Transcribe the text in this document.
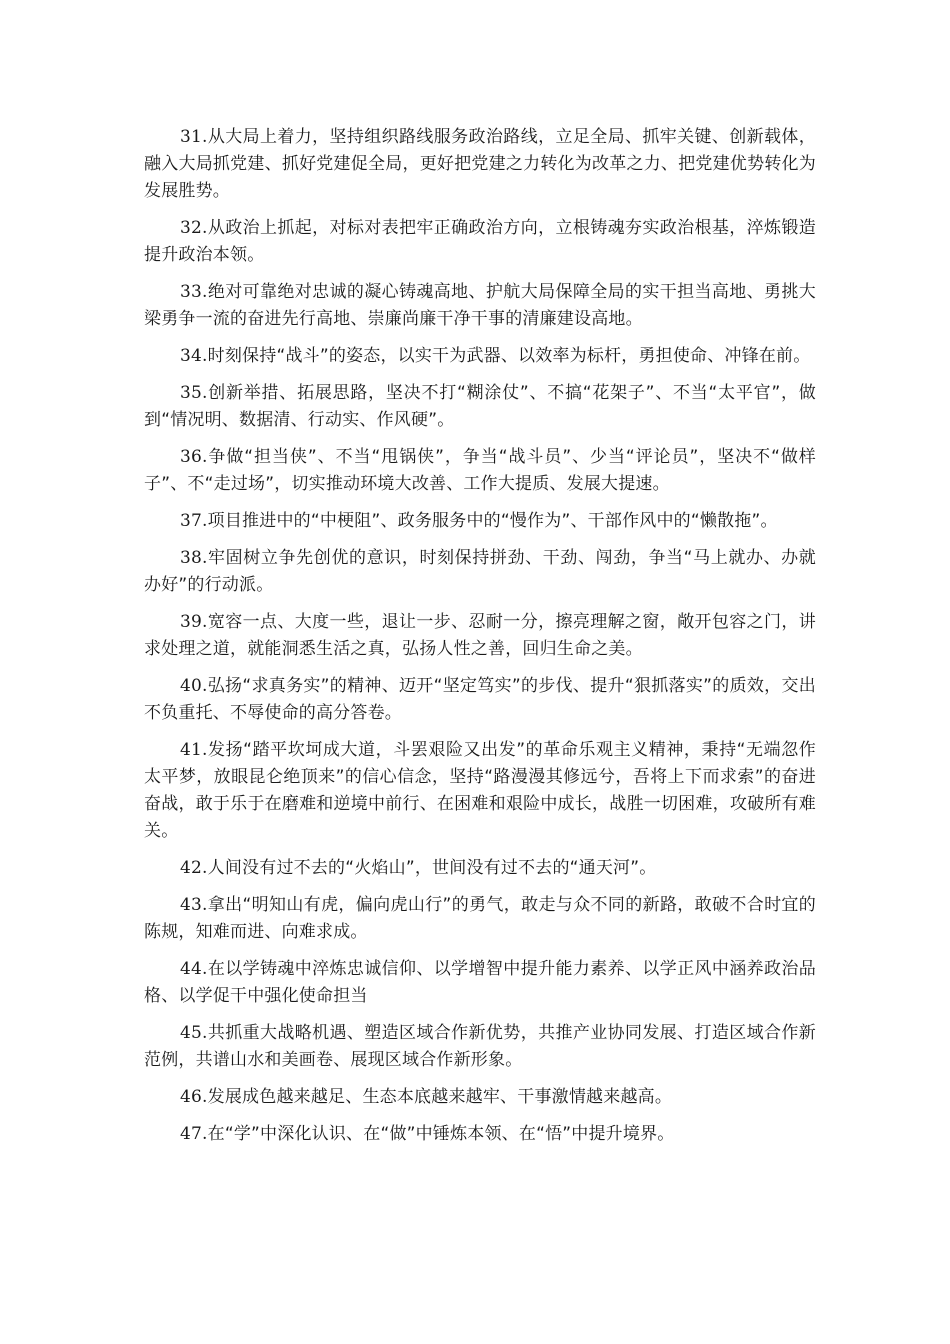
31.从大局上着力，坚持组织路线服务政治路线，立足全局、抓牢关键、创新载体，融入大局抓党建、抓好党建促全局，更好把党建之力转化为改革之力、把党建优势转化为发展胜势。

32.从政治上抓起，对标对表把牢正确政治方向，立根铸魂夯实政治根基，淬炼锻造提升政治本领。

33.绝对可靠绝对忠诚的凝心铸魂高地、护航大局保障全局的实干担当高地、勇挑大梁勇争一流的奋进先行高地、崇廉尚廉干净干事的清廉建设高地。

34.时刻保持“战斗”的姿态，以实干为武器、以效率为标杆，勇担使命、冲锋在前。

35.创新举措、拓展思路，坚决不打“糊涂仗”、不搞“花架子”、不当“太平官”，做到“情况明、数据清、行动实、作风硬”。

36.争做“担当侠”、不当“甩锅侠”，争当“战斗员”、少当“评论员”，坚决不“做样子”、不“走过场”，切实推动环境大改善、工作大提质、发展大提速。

37.项目推进中的“中梗阻”、政务服务中的“慢作为”、干部作风中的“懒散拖”。

38.牢固树立争先创优的意识，时刻保持拼劲、干劲、闯劲，争当“马上就办、办就办好”的行动派。

39.宽容一点、大度一些，退让一步、忍耐一分，擦亮理解之窗，敞开包容之门，讲求处理之道，就能洞悉生活之真，弘扬人性之善，回归生命之美。

40.弘扬“求真务实”的精神、迈开“坚定笃实”的步伐、提升“狠抓落实”的质效，交出不负重托、不辱使命的高分答卷。

41.发扬“踏平坎坷成大道，斗罢艰险又出发”的革命乐观主义精神，秉持“无端忽作太平梦，放眼昆仑绝顶来”的信心信念，坚持“路漫漫其修远兮，吾将上下而求索”的奋进奋战，敢于乐于在磨难和逆境中前行、在困难和艰险中成长，战胜一切困难，攻破所有难关。

42.人间没有过不去的“火焰山”，世间没有过不去的“通天河”。

43.拿出“明知山有虎，偏向虎山行”的勇气，敢走与众不同的新路，敢破不合时宜的陈规，知难而进、向难求成。

44.在以学铸魂中淬炼忠诚信仰、以学增智中提升能力素养、以学正风中涵养政治品格、以学促干中强化使命担当

45.共抓重大战略机遇、塑造区域合作新优势，共推产业协同发展、打造区域合作新范例，共谱山水和美画卷、展现区域合作新形象。

46.发展成色越来越足、生态本底越来越牢、干事激情越来越高。

47.在“学”中深化认识、在“做”中锤炼本领、在“悟”中提升境界。
